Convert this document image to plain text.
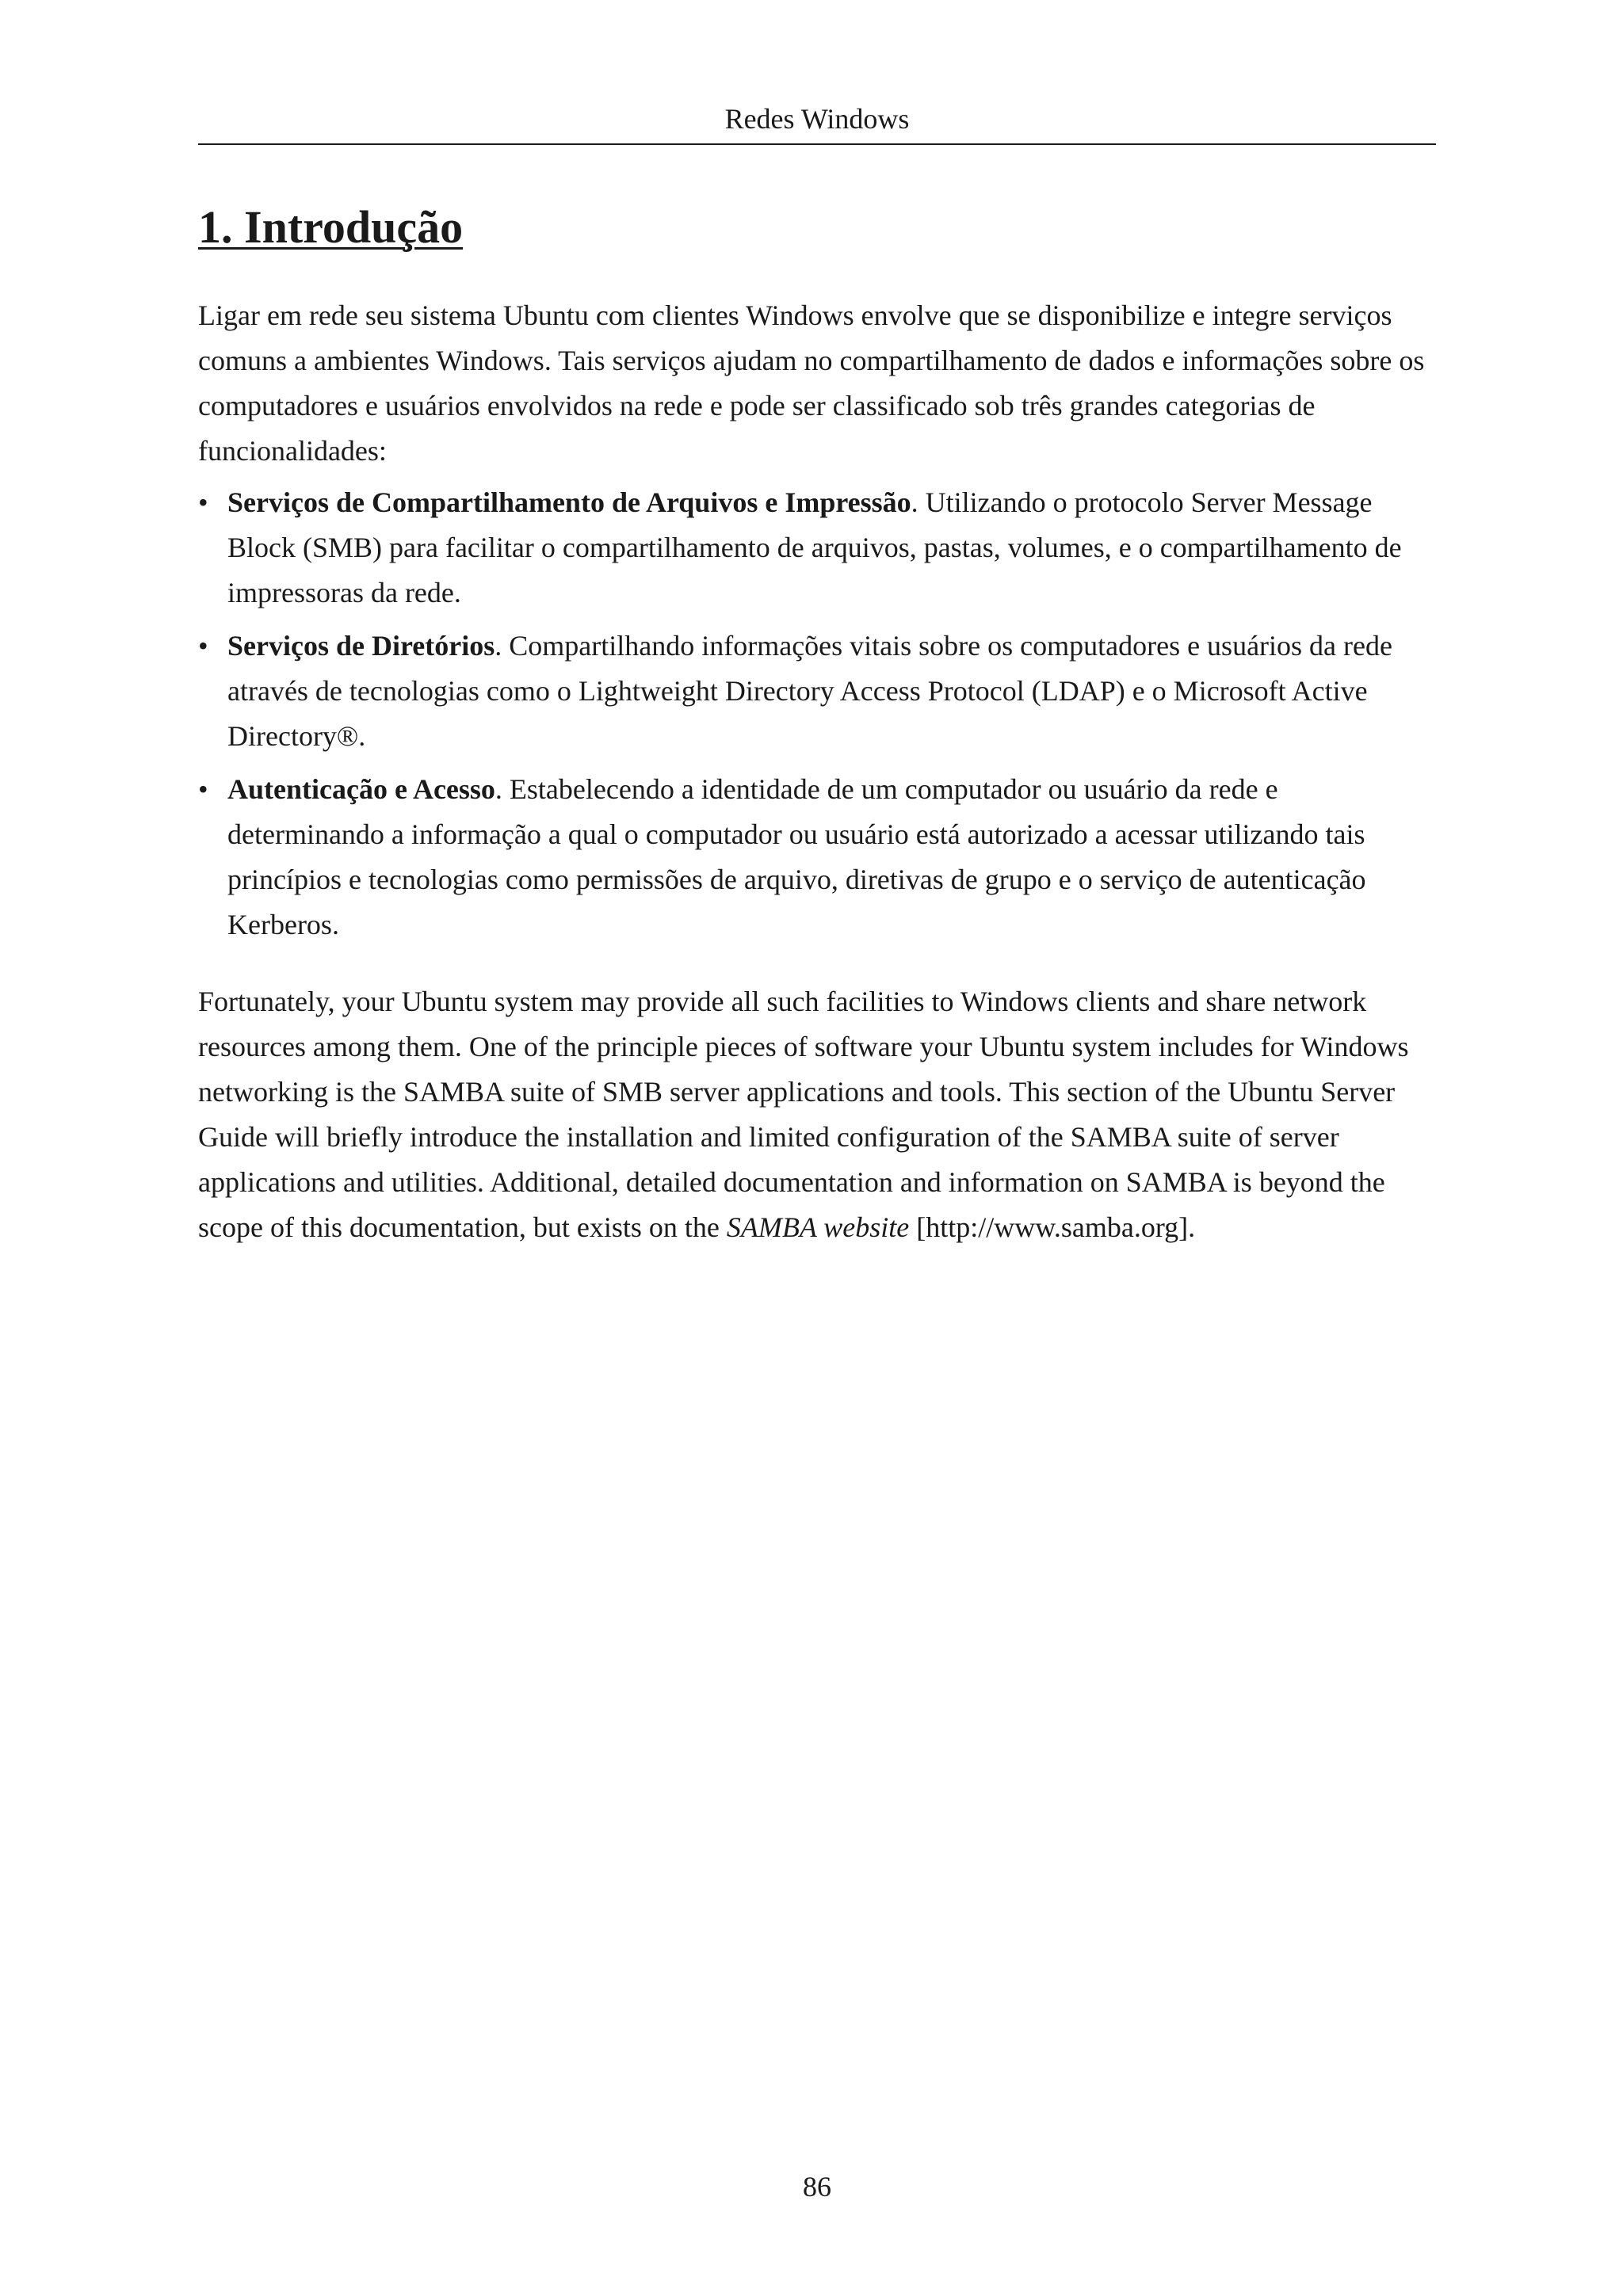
Redes Windows
1. Introdução

Ligar em rede seu sistema Ubuntu com clientes Windows envolve que se disponibilize e integre serviços comuns a ambientes Windows. Tais serviços ajudam no compartilhamento de dados e informações sobre os computadores e usuários envolvidos na rede e pode ser classificado sob três grandes categorias de funcionalidades:

• Serviços de Compartilhamento de Arquivos e Impressão. Utilizando o protocolo Server Message Block (SMB) para facilitar o compartilhamento de arquivos, pastas, volumes, e o compartilhamento de impressoras da rede.
• Serviços de Diretórios. Compartilhando informações vitais sobre os computadores e usuários da rede através de tecnologias como o Lightweight Directory Access Protocol (LDAP) e o Microsoft Active Directory®.
• Autenticação e Acesso. Estabelecendo a identidade de um computador ou usuário da rede e determinando a informação a qual o computador ou usuário está autorizado a acessar utilizando tais princípios e tecnologias como permissões de arquivo, diretivas de grupo e o serviço de autenticação Kerberos.

Fortunately, your Ubuntu system may provide all such facilities to Windows clients and share network resources among them. One of the principle pieces of software your Ubuntu system includes for Windows networking is the SAMBA suite of SMB server applications and tools. This section of the Ubuntu Server Guide will briefly introduce the installation and limited configuration of the SAMBA suite of server applications and utilities. Additional, detailed documentation and information on SAMBA is beyond the scope of this documentation, but exists on the SAMBA website [http://www.samba.org].

86
